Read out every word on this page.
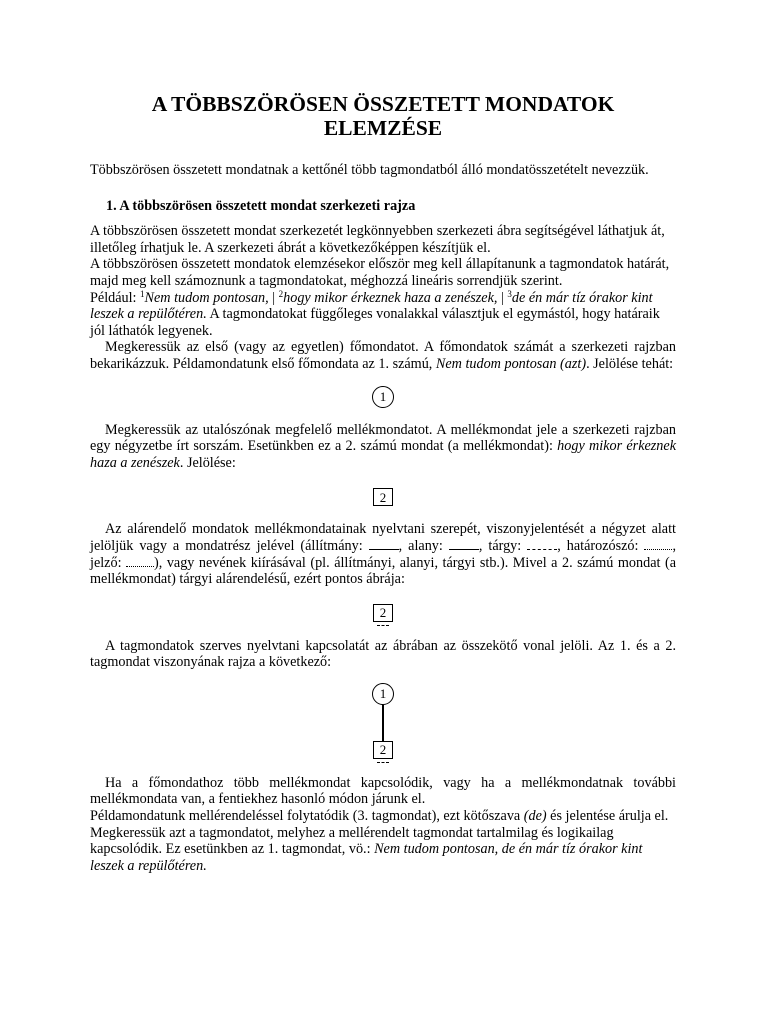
A TÖBBSZÖRÖSEN ÖSSZETETT MONDATOK
ELEMZÉSE

Többszörösen összetett mondatnak a kettőnél több tagmondatból álló mondatösszetételt nevezzük.

1. A többszörösen összetett mondat szerkezeti rajza

A többszörösen összetett mondat szerkezetét legkönnyebben szerkezeti ábra segítségével láthatjuk át, illetőleg írhatjuk le. A szerkezeti ábrát a következőképpen készítjük el.

A többszörösen összetett mondatok elemzésekor először meg kell állapítanunk a tagmondatok határát, majd meg kell számoznunk a tagmondatokat, méghozzá lineáris sorrendjük szerint.

Például: $^1$Nem tudom pontosan, | $^2$hogy mikor érkeznek haza a zenészek, | $^3$de én már tíz órakor kint leszek a repülőtéren. A tagmondatokat függőleges vonalakkal választjuk el egymástól, hogy határaik jól láthatók legyenek.

Megkeressük az első (vagy az egyetlen) főmondatot. A főmondatok számát a szerkezeti rajzban bekarikázzuk. Példamondatunk első főmondata az 1. számú, Nem tudom pontosan (azt). Jelölése tehát:

1

Megkeressük az utalószónak megfelelő mellékmondatot. A mellékmondat jele a szerkezeti rajzban egy négyzetbe írt sorszám. Esetünkben ez a 2. számú mondat (a mellékmondat): hogy mikor érkeznek haza a zenészek. Jelölése:

2

Az alárendelő mondatok mellékmondatainak nyelvtani szerepét, viszonyjelentését a négyzet alatt jelöljük vagy a mondatrész jelével (állítmány: , alany: , tárgy: , határozószó: , jelző: ), vagy nevének kiírásával (pl. állítmányi, alanyi, tárgyi stb.). Mivel a 2. számú mondat (a mellékmondat) tárgyi alárendelésű, ezért pontos ábrája:

2

A tagmondatok szerves nyelvtani kapcsolatát az ábrában az összekötő vonal jelöli. Az 1. és a 2. tagmondat viszonyának rajza a következő:

1
2

Ha a főmondathoz több mellékmondat kapcsolódik, vagy ha a mellékmondatnak további mellékmondata van, a fentiekhez hasonló módon járunk el.

Példamondatunk mellérendeléssel folytatódik (3. tagmondat), ezt kötőszava (de) és jelentése árulja el. Megkeressük azt a tagmondatot, melyhez a mellérendelt tagmondat tartalmilag és logikailag kapcsolódik. Ez esetünkben az 1. tagmondat, vö.: Nem tudom pontosan, de én már tíz órakor kint leszek a repülőtéren.
